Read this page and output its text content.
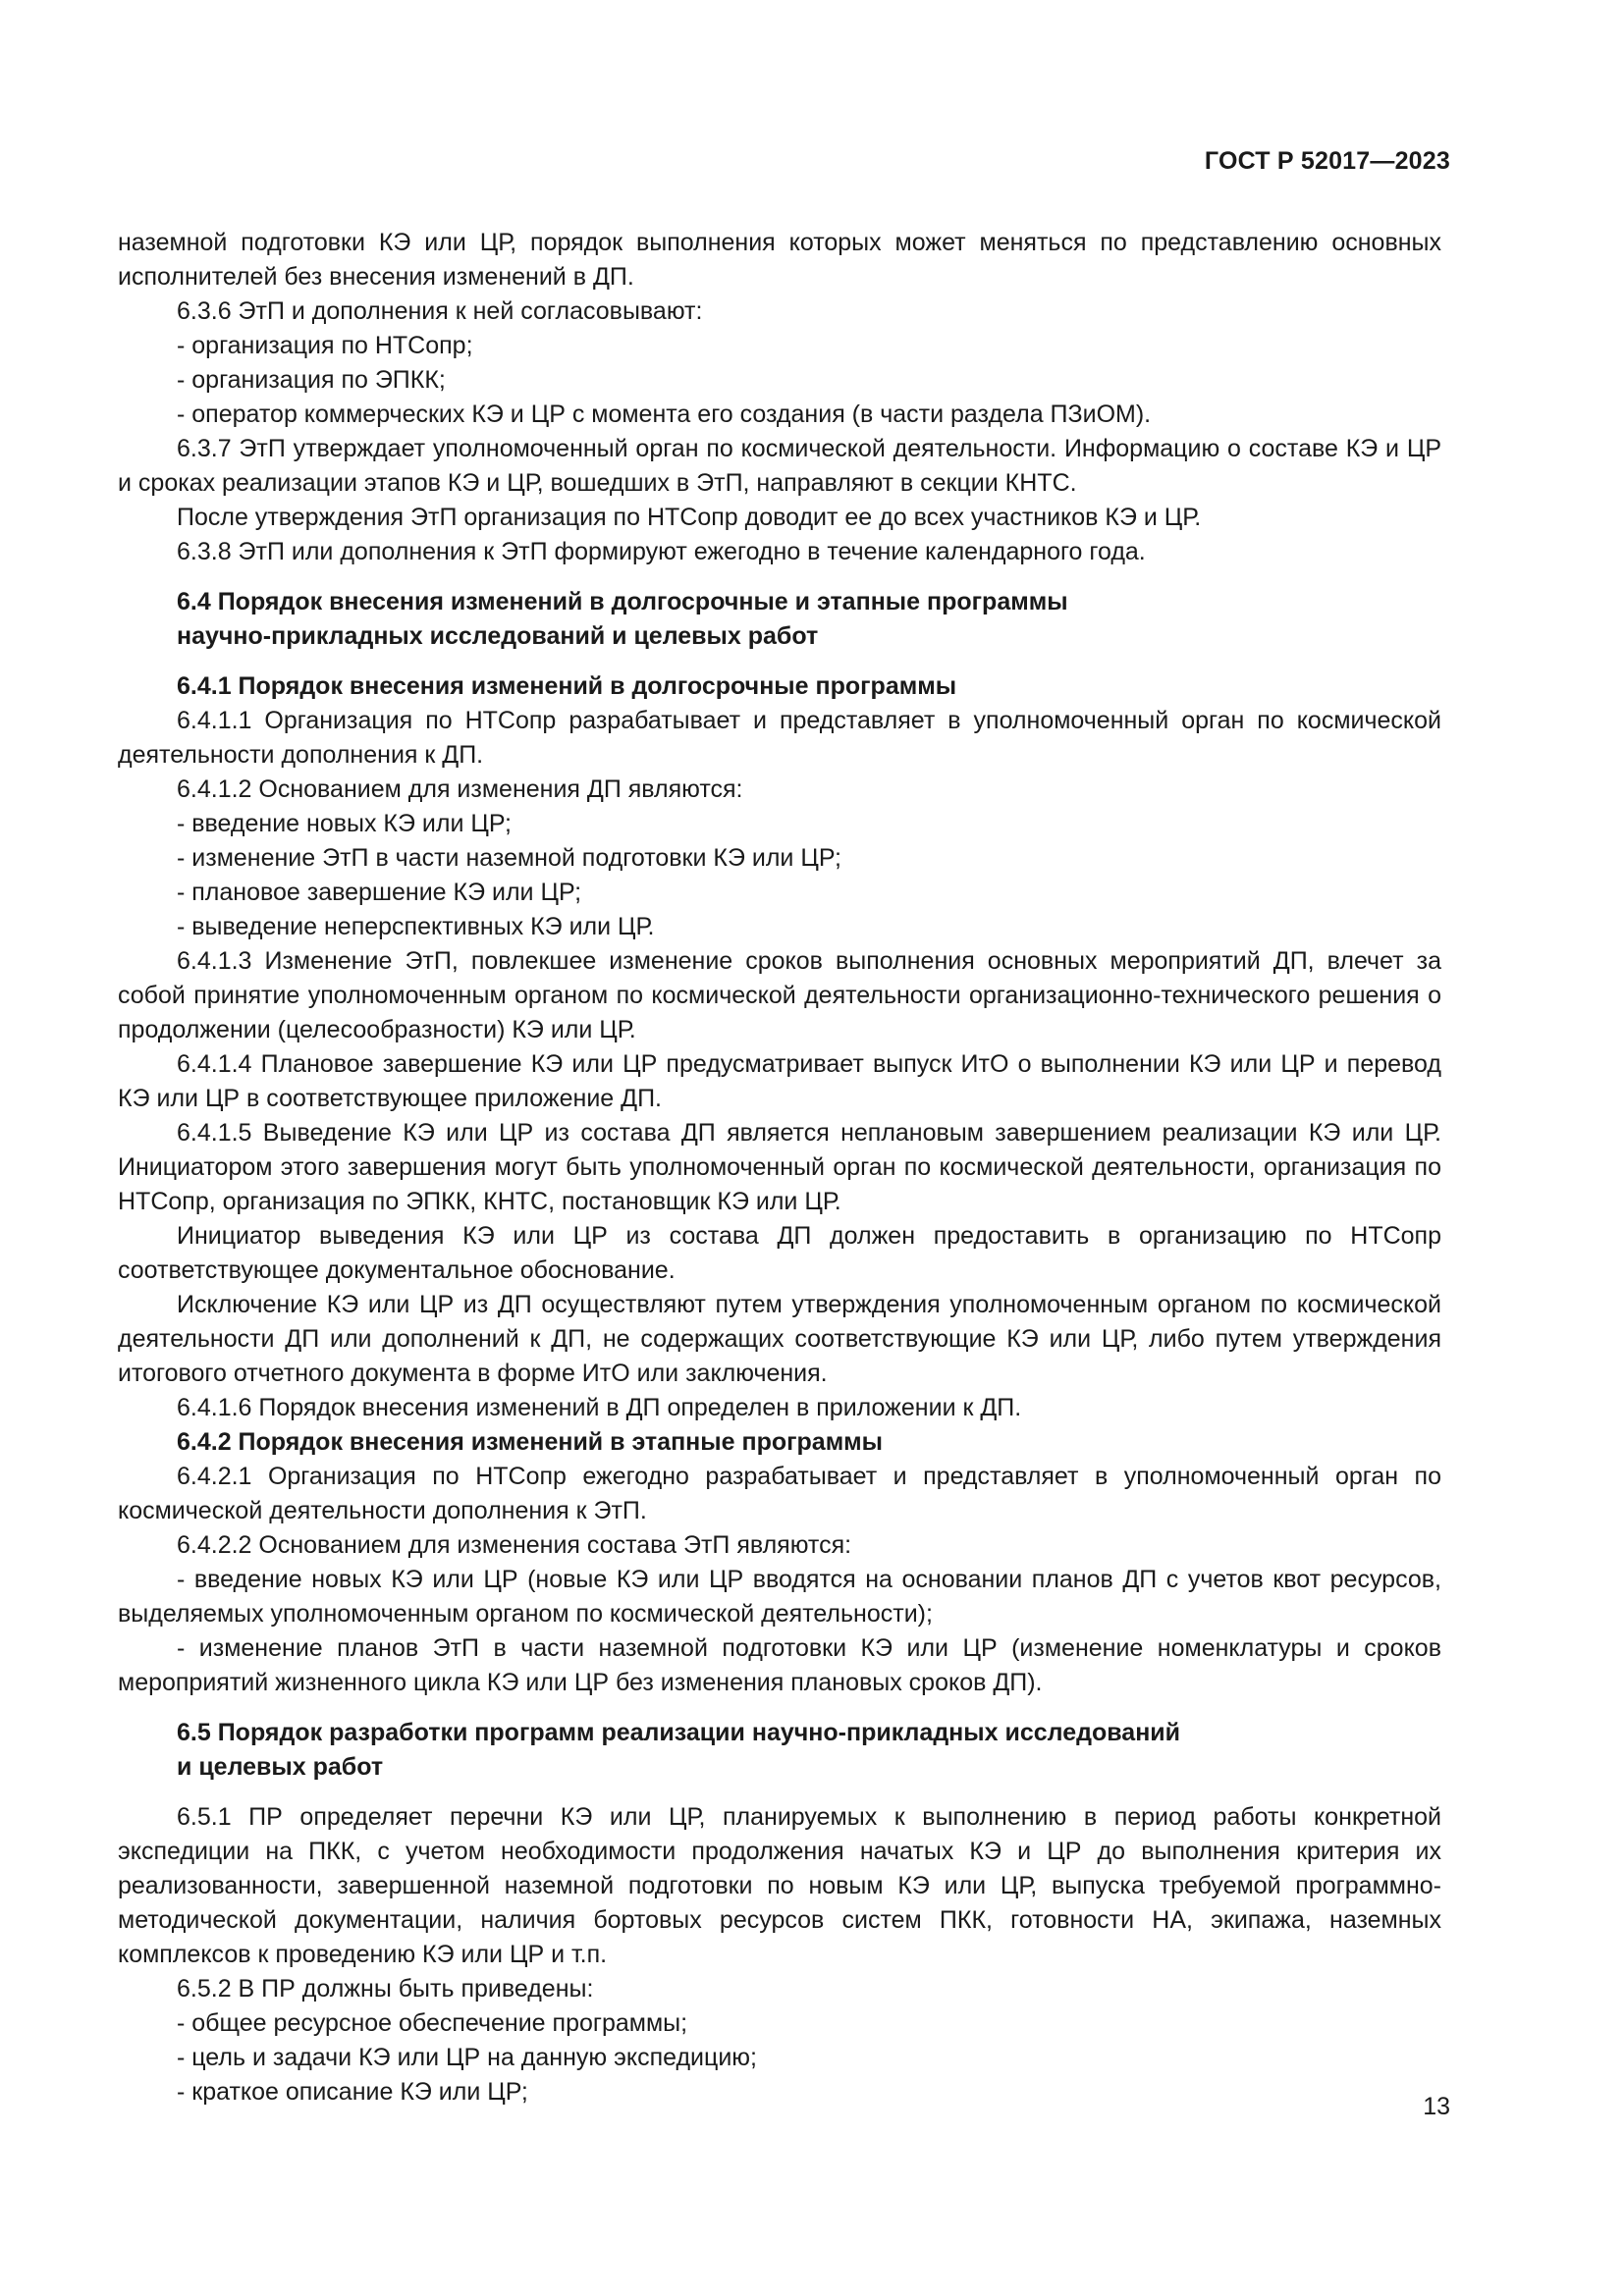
ГОСТ Р 52017—2023

наземной подготовки КЭ или ЦР, порядок выполнения которых может меняться по представлению основных исполнителей без внесения изменений в ДП.

6.3.6 ЭтП и дополнения к ней согласовывают:

- организация по НТСопр;

- организация по ЭПКК;

- оператор коммерческих КЭ и ЦР с момента его создания (в части раздела ПЗиОМ).

6.3.7 ЭтП утверждает уполномоченный орган по космической деятельности. Информацию о составе КЭ и ЦР и сроках реализации этапов КЭ и ЦР, вошедших в ЭтП, направляют в секции КНТС.

После утверждения ЭтП организация по НТСопр доводит ее до всех участников КЭ и ЦР.

6.3.8 ЭтП или дополнения к ЭтП формируют ежегодно в течение календарного года.

6.4 Порядок внесения изменений в долгосрочные и этапные программы

научно-прикладных исследований и целевых работ

6.4.1 Порядок внесения изменений в долгосрочные программы

6.4.1.1 Организация по НТСопр разрабатывает и представляет в уполномоченный орган по космической деятельности дополнения к ДП.

6.4.1.2 Основанием для изменения ДП являются:

- введение новых КЭ или ЦР;

- изменение ЭтП в части наземной подготовки КЭ или ЦР;

- плановое завершение КЭ или ЦР;

- выведение неперспективных КЭ или ЦР.

6.4.1.3 Изменение ЭтП, повлекшее изменение сроков выполнения основных мероприятий ДП, влечет за собой принятие уполномоченным органом по космической деятельности организационно-технического решения о продолжении (целесообразности) КЭ или ЦР.

6.4.1.4 Плановое завершение КЭ или ЦР предусматривает выпуск ИтО о выполнении КЭ или ЦР и перевод КЭ или ЦР в соответствующее приложение ДП.

6.4.1.5 Выведение КЭ или ЦР из состава ДП является неплановым завершением реализации КЭ или ЦР. Инициатором этого завершения могут быть уполномоченный орган по космической деятельности, организация по НТСопр, организация по ЭПКК, КНТС, постановщик КЭ или ЦР.

Инициатор выведения КЭ или ЦР из состава ДП должен предоставить в организацию по НТСопр соответствующее документальное обоснование.

Исключение КЭ или ЦР из ДП осуществляют путем утверждения уполномоченным органом по космической деятельности ДП или дополнений к ДП, не содержащих соответствующие КЭ или ЦР, либо путем утверждения итогового отчетного документа в форме ИтО или заключения.

6.4.1.6 Порядок внесения изменений в ДП определен в приложении к ДП.

6.4.2 Порядок внесения изменений в этапные программы

6.4.2.1 Организация по НТСопр ежегодно разрабатывает и представляет в уполномоченный орган по космической деятельности дополнения к ЭтП.

6.4.2.2 Основанием для изменения состава ЭтП являются:

- введение новых КЭ или ЦР (новые КЭ или ЦР вводятся на основании планов ДП с учетов квот ресурсов, выделяемых уполномоченным органом по космической деятельности);

- изменение планов ЭтП в части наземной подготовки КЭ или ЦР (изменение номенклатуры и сроков мероприятий жизненного цикла КЭ или ЦР без изменения плановых сроков ДП).

6.5 Порядок разработки программ реализации научно-прикладных исследований

и целевых работ

6.5.1 ПР определяет перечни КЭ или ЦР, планируемых к выполнению в период работы конкретной экспедиции на ПКК, с учетом необходимости продолжения начатых КЭ и ЦР до выполнения критерия их реализованности, завершенной наземной подготовки по новым КЭ или ЦР, выпуска требуемой программно-методической документации, наличия бортовых ресурсов систем ПКК, готовности НА, экипажа, наземных комплексов к проведению КЭ или ЦР и т.п.

6.5.2 В ПР должны быть приведены:

- общее ресурсное обеспечение программы;

- цель и задачи КЭ или ЦР на данную экспедицию;

- краткое описание КЭ или ЦР;

13
